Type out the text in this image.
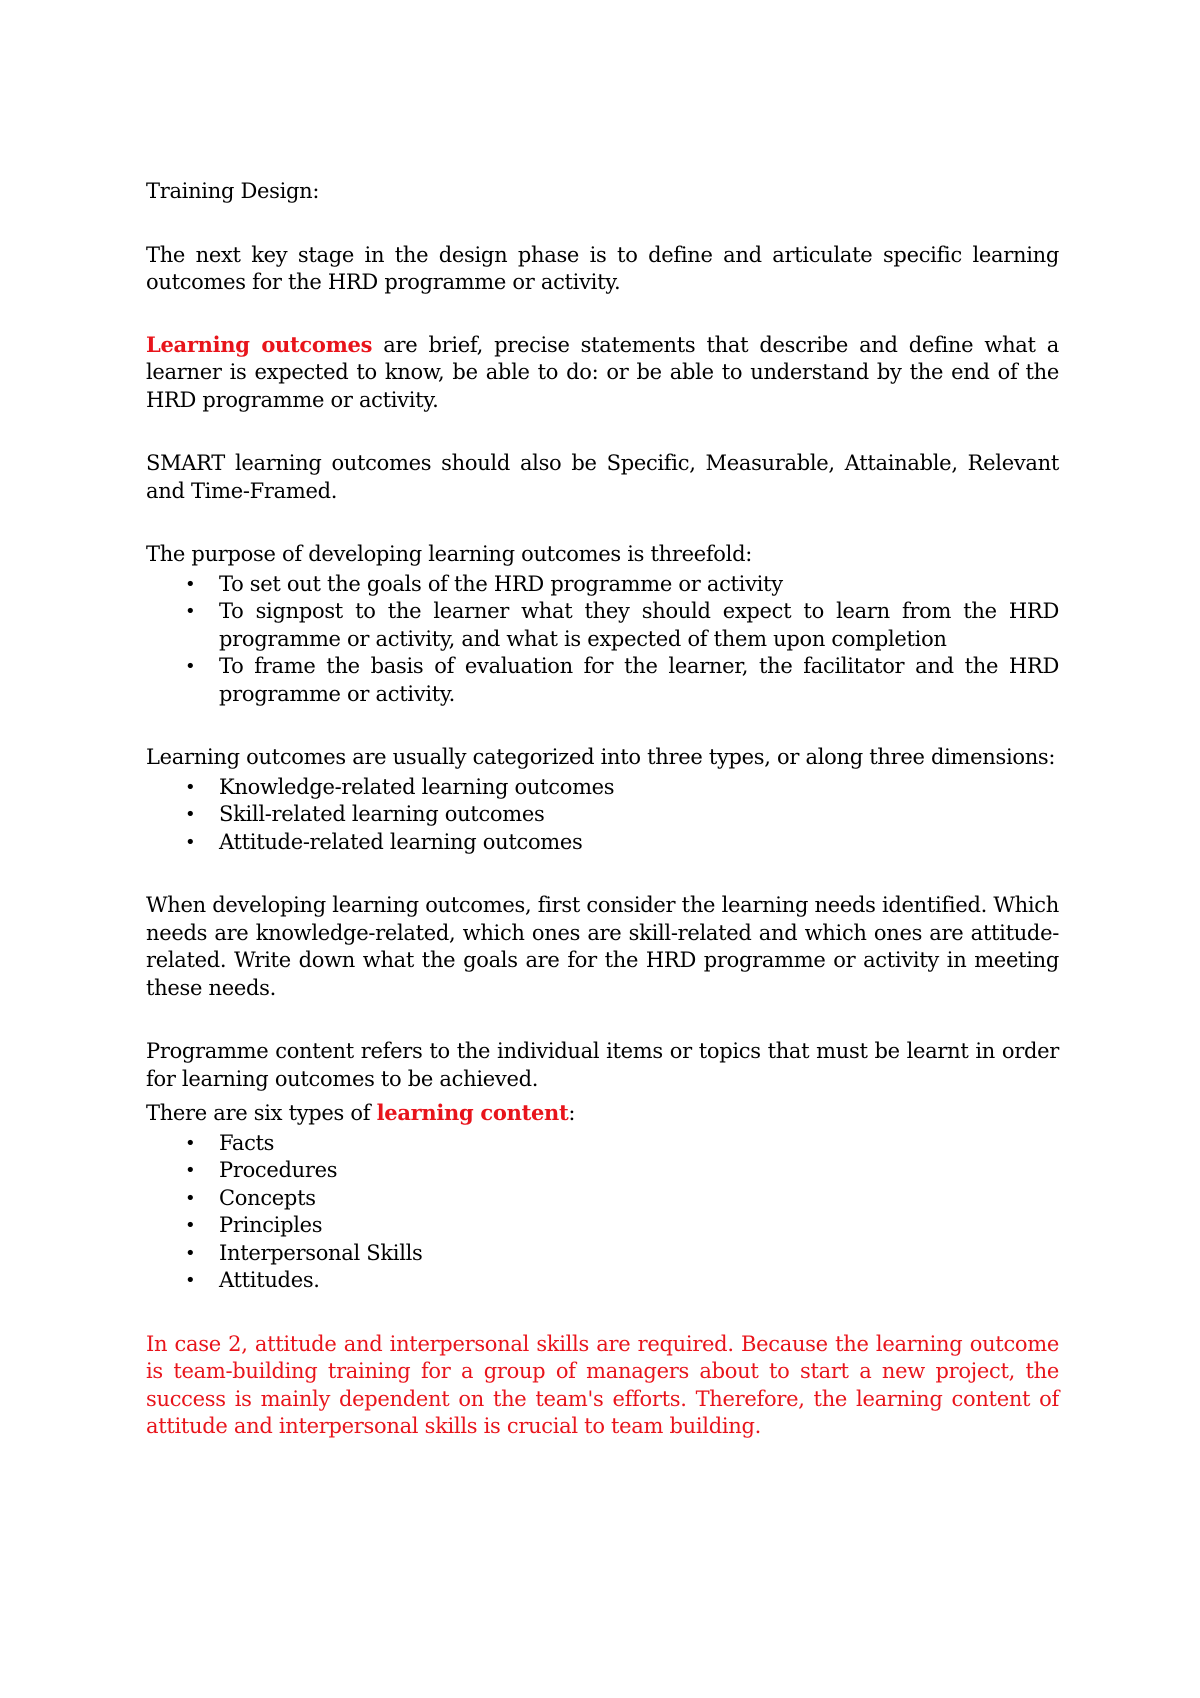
Training Design:

The next key stage in the design phase is to define and articulate specific learning outcomes for the HRD programme or activity.

Learning outcomes are brief, precise statements that describe and define what a learner is expected to know, be able to do: or be able to understand by the end of the HRD programme or activity.

SMART learning outcomes should also be Specific, Measurable, Attainable, Relevant and Time-Framed.

The purpose of developing learning outcomes is threefold:

• To set out the goals of the HRD programme or activity
• To signpost to the learner what they should expect to learn from the HRD programme or activity, and what is expected of them upon completion
• To frame the basis of evaluation for the learner, the facilitator and the HRD programme or activity.

Learning outcomes are usually categorized into three types, or along three dimensions:

• Knowledge-related learning outcomes
• Skill-related learning outcomes
• Attitude-related learning outcomes

When developing learning outcomes, first consider the learning needs identified. Which needs are knowledge-related, which ones are skill-related and which ones are attitude-related. Write down what the goals are for the HRD programme or activity in meeting these needs.

Programme content refers to the individual items or topics that must be learnt in order for learning outcomes to be achieved.

There are six types of learning content:

• Facts
• Procedures
• Concepts
• Principles
• Interpersonal Skills
• Attitudes.

In case 2, attitude and interpersonal skills are required. Because the learning outcome is team-building training for a group of managers about to start a new project, the success is mainly dependent on the team's efforts. Therefore, the learning content of attitude and interpersonal skills is crucial to team building.
